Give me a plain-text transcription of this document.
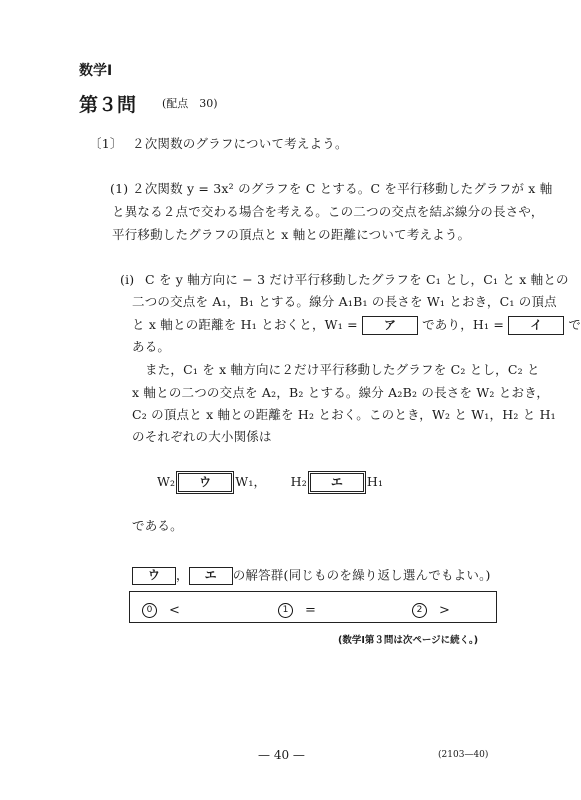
数学Ⅰ
第３問 (配点　30)
〔1〕 ２次関数のグラフについて考えよう。
(1) ２次関数 y = 3x² のグラフを C とする。C を平行移動したグラフが x 軸
と異なる２点で交わる場合を考える。この二つの交点を結ぶ線分の長さや，
平行移動したグラフの頂点と x 軸との距離について考えよう。
(i) C を y 軸方向に − 3 だけ平行移動したグラフを C₁ とし，C₁ と x 軸との
二つの交点を A₁，B₁ とする。線分 A₁B₁ の長さを W₁ とおき，C₁ の頂点
と x 軸との距離を H₁ とおくと，W₁ = ア であり，H₁ = イ で
ある。
また，C₁ を x 軸方向に２だけ平行移動したグラフを C₂ とし，C₂ と
x 軸との二つの交点を A₂，B₂ とする。線分 A₂B₂ の長さを W₂ とおき，
C₂ の頂点と x 軸との距離を H₂ とおく。このとき，W₂ と W₁，H₂ と H₁
のそれぞれの大小関係は
W₂ ウ W₁， H₂ エ H₁
である。
ウ ， エ の解答群(同じものを繰り返し選んでもよい。)
0 <	1 =	2 >
(数学Ⅰ第３問は次ページに続く。)
— 40 —	(2103—40)
